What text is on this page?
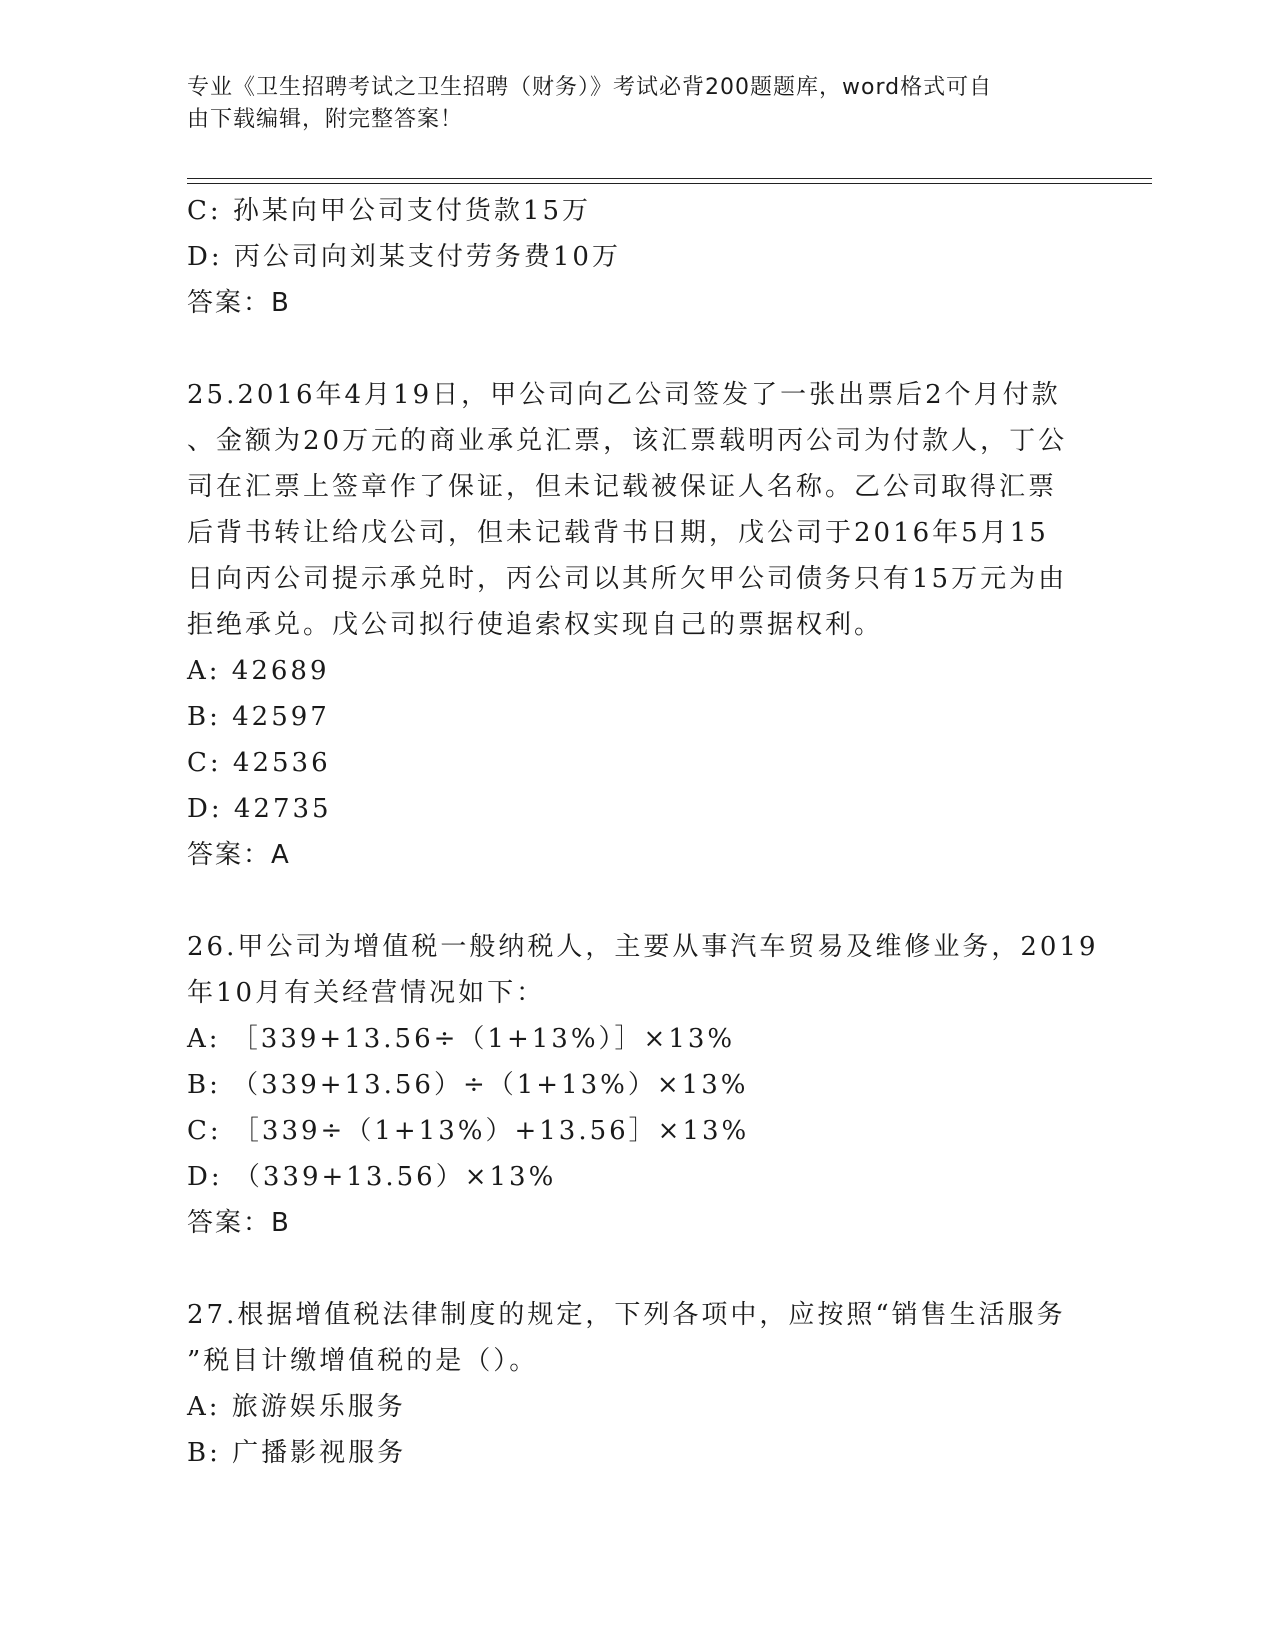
专业《卫生招聘考试之卫生招聘（财务）》考试必背200题题库，word格式可自
由下载编辑，附完整答案！
C: 孙某向甲公司支付货款15万
D: 丙公司向刘某支付劳务费10万
答案：B
25.2016年4月19日，甲公司向乙公司签发了一张出票后2个月付款
、金额为20万元的商业承兑汇票，该汇票载明丙公司为付款人，丁公
司在汇票上签章作了保证，但未记载被保证人名称。乙公司取得汇票
后背书转让给戊公司，但未记载背书日期，戊公司于2016年5月15
日向丙公司提示承兑时，丙公司以其所欠甲公司债务只有15万元为由
拒绝承兑。戊公司拟行使追索权实现自己的票据权利。
A: 42689
B: 42597
C: 42536
D: 42735
答案：A
26.甲公司为增值税一般纳税人，主要从事汽车贸易及维修业务，2019
年10月有关经营情况如下：
A: ［339+13.56÷（1+13%）］×13%
B: （339+13.56）÷（1+13%）×13%
C: ［339÷（1+13%）+13.56］×13%
D: （339+13.56）×13%
答案：B
27.根据增值税法律制度的规定，下列各项中，应按照“销售生活服务
”税目计缴增值税的是（）。
A: 旅游娱乐服务
B: 广播影视服务
